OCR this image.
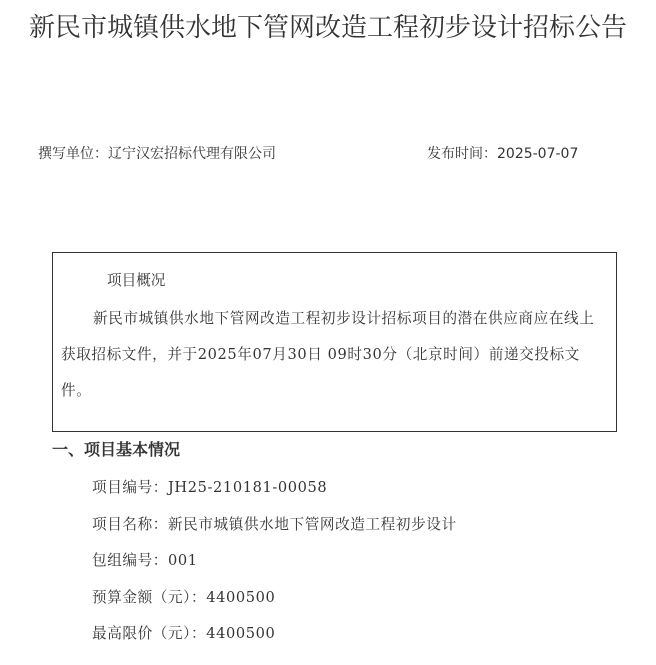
新民市城镇供水地下管网改造工程初步设计招标公告
撰写单位：辽宁汉宏招标代理有限公司	发布时间：2025-07-07

项目概况

新民市城镇供水地下管网改造工程初步设计招标项目的潜在供应商应在线上获取招标文件，并于2025年07月30日 09时30分（北京时间）前递交投标文件。

一、项目基本情况
项目编号：JH25-210181-00058
项目名称：新民市城镇供水地下管网改造工程初步设计
包组编号：001
预算金额（元）：4400500
最高限价（元）：4400500
